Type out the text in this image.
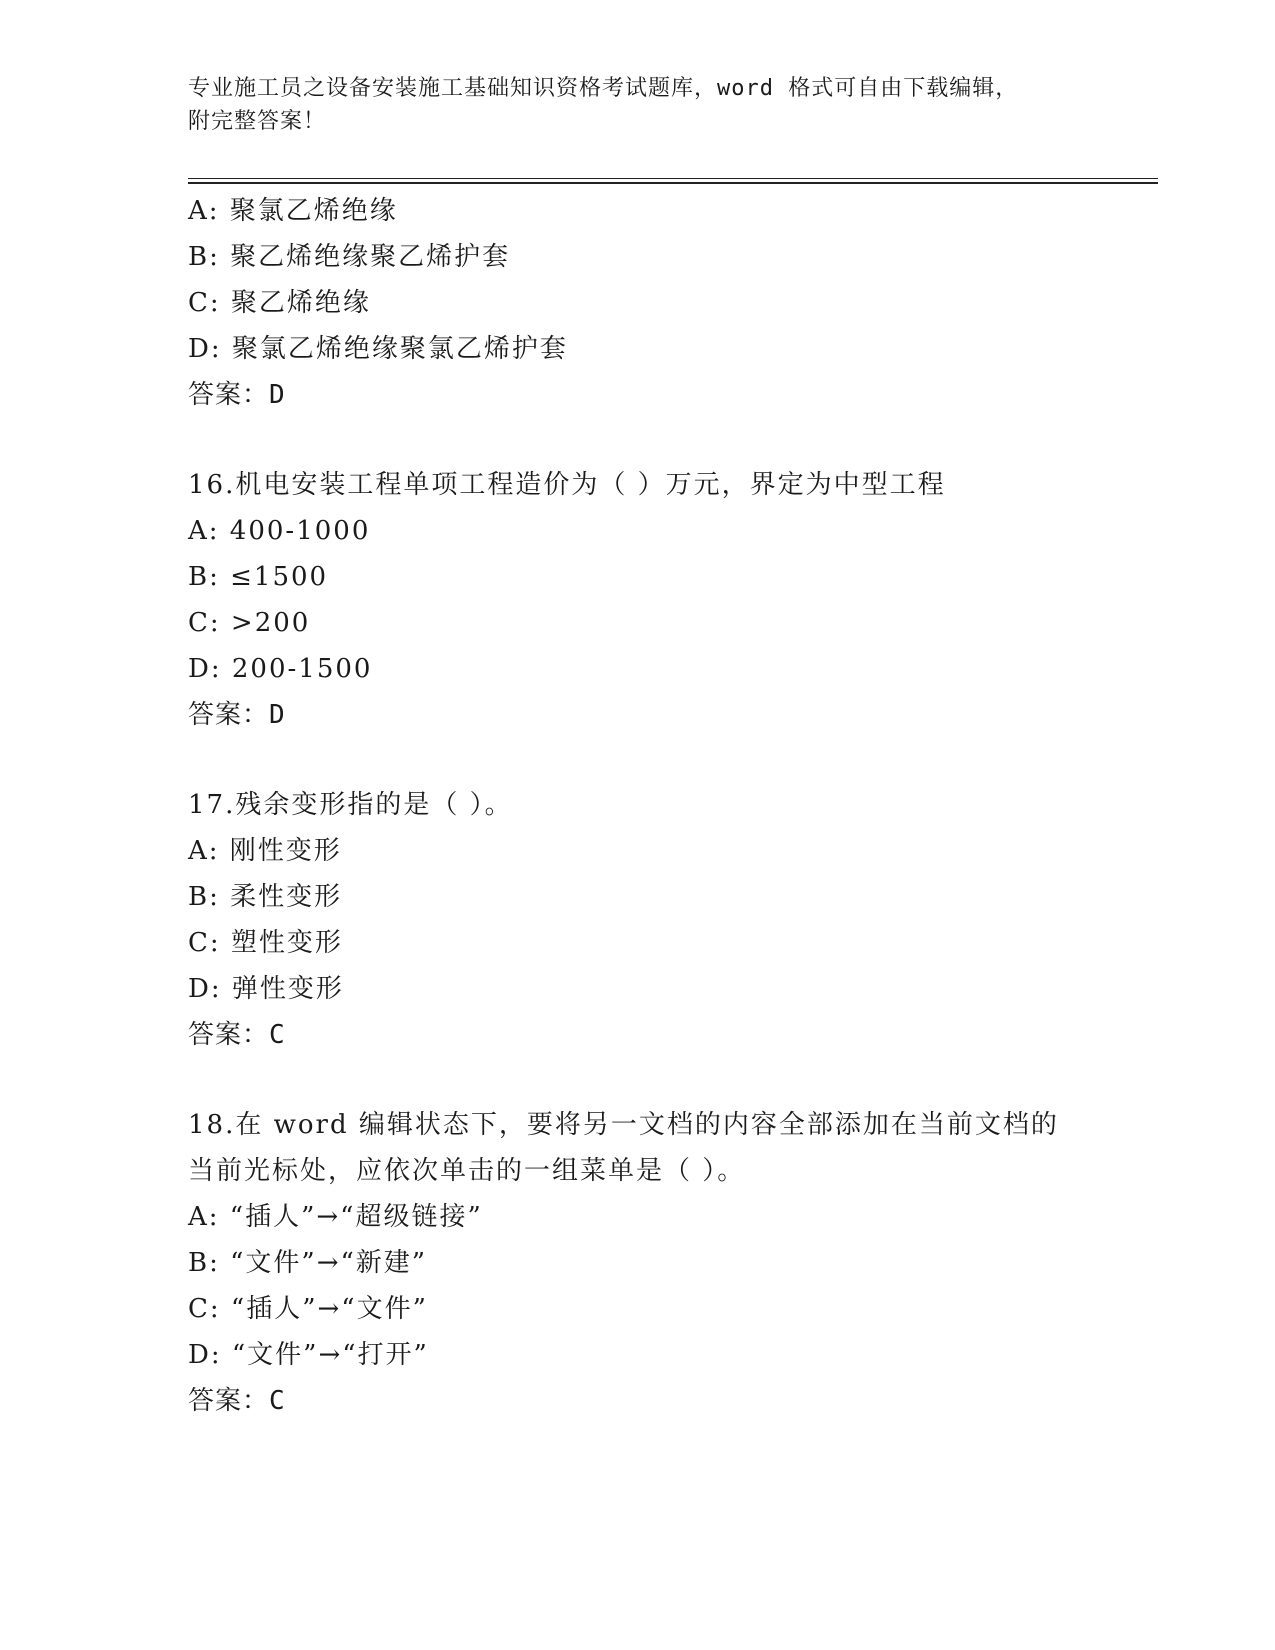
专业施工员之设备安装施工基础知识资格考试题库，word 格式可自由下载编辑，
附完整答案！
A: 聚氯乙烯绝缘
B: 聚乙烯绝缘聚乙烯护套
C: 聚乙烯绝缘
D: 聚氯乙烯绝缘聚氯乙烯护套
答案：D
16.机电安装工程单项工程造价为（ ）万元，界定为中型工程
A: 400-1000
B: ≤1500
C: >200
D: 200-1500
答案：D
17.残余变形指的是（ ）。
A: 刚性变形
B: 柔性变形
C: 塑性变形
D: 弹性变形
答案：C
18.在 word 编辑状态下，要将另一文档的内容全部添加在当前文档的当前光标处，应依次单击的一组菜单是（ ）。
A: “插人”→“超级链接”
B: “文件”→“新建”
C: “插人”→“文件”
D: “文件”→“打开”
答案：C
